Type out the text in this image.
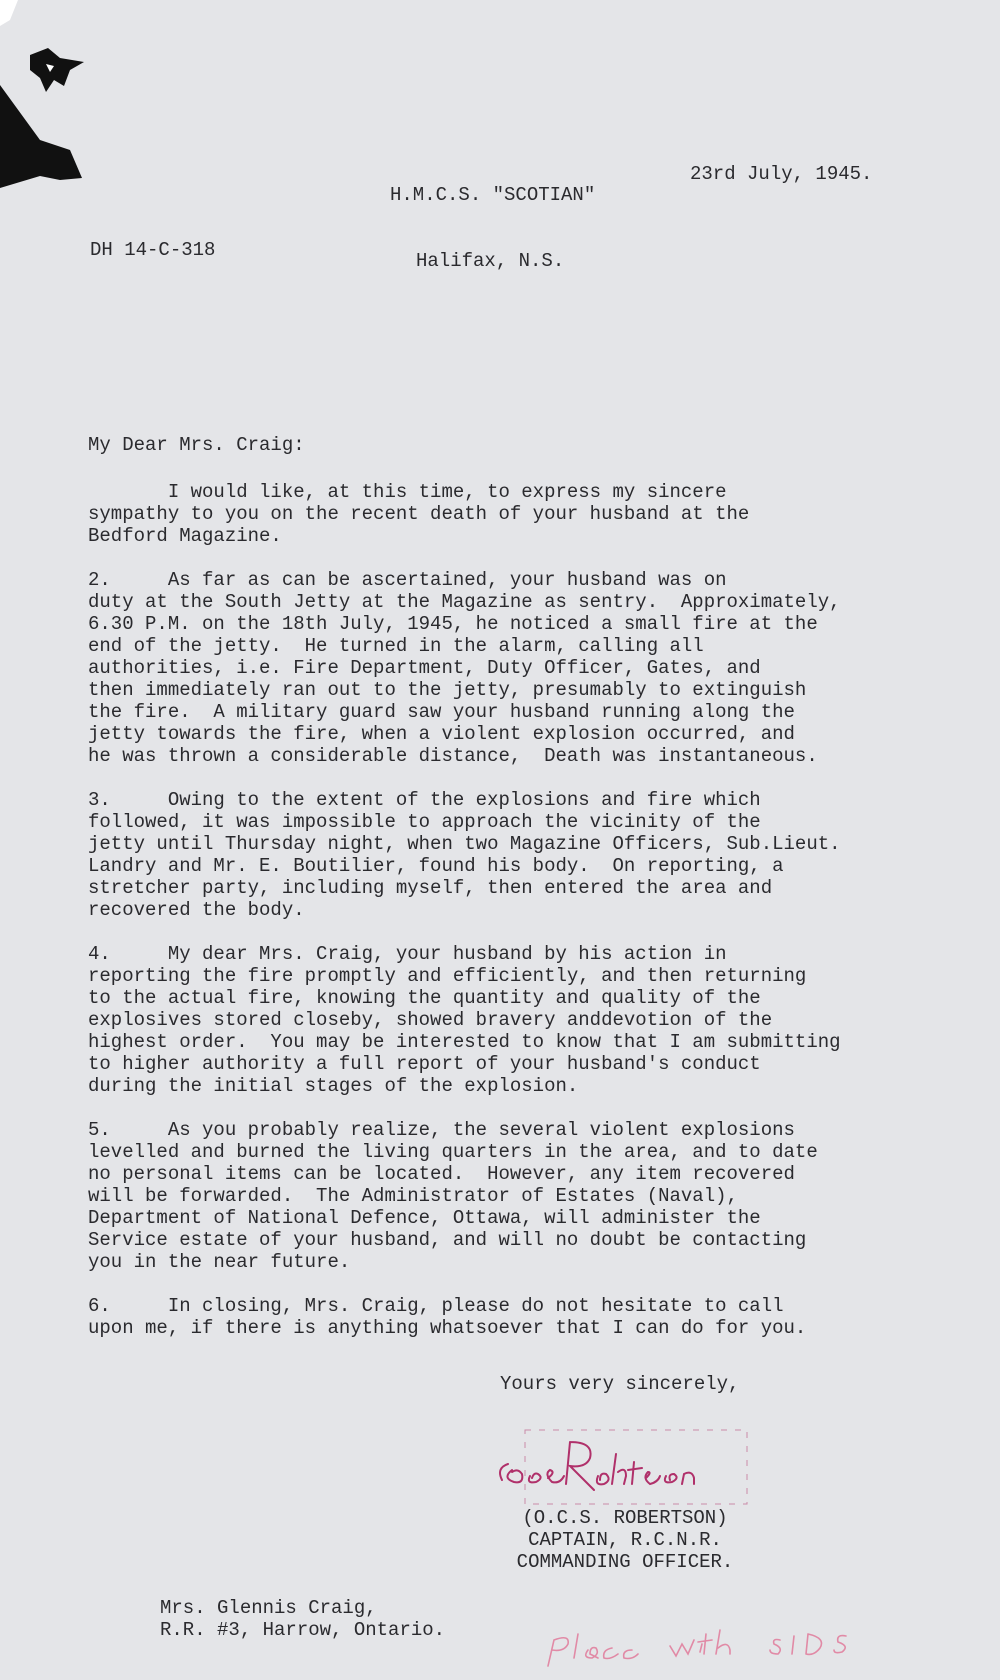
H.M.C.S. "SCOTIAN"

Halifax, N.S.

23rd July, 1945.
DH 14-C-318
My Dear Mrs. Craig:
I would like, at this time, to express my sincere
sympathy to you on the recent death of your husband at the
Bedford Magazine.
2.     As far as can be ascertained, your husband was on
duty at the South Jetty at the Magazine as sentry.  Approximately,
6.30 P.M. on the 18th July, 1945, he noticed a small fire at the
end of the jetty.  He turned in the alarm, calling all
authorities, i.e. Fire Department, Duty Officer, Gates, and
then immediately ran out to the jetty, presumably to extinguish
the fire.  A military guard saw your husband running along the
jetty towards the fire, when a violent explosion occurred, and
he was thrown a considerable distance,  Death was instantaneous.
3.     Owing to the extent of the explosions and fire which
followed, it was impossible to approach the vicinity of the
jetty until Thursday night, when two Magazine Officers, Sub.Lieut.
Landry and Mr. E. Boutilier, found his body.  On reporting, a
stretcher party, including myself, then entered the area and
recovered the body.
4.     My dear Mrs. Craig, your husband by his action in
reporting the fire promptly and efficiently, and then returning
to the actual fire, knowing the quantity and quality of the
explosives stored closeby, showed bravery anddevotion of the
highest order.  You may be interested to know that I am submitting
to higher authority a full report of your husband's conduct
during the initial stages of the explosion.
5.     As you probably realize, the several violent explosions
levelled and burned the living quarters in the area, and to date
no personal items can be located.  However, any item recovered
will be forwarded.  The Administrator of Estates (Naval),
Department of National Defence, Ottawa, will administer the
Service estate of your husband, and will no doubt be contacting
you in the near future.
6.     In closing, Mrs. Craig, please do not hesitate to call
upon me, if there is anything whatsoever that I can do for you.
Yours very sincerely,
(O.C.S. ROBERTSON)
CAPTAIN, R.C.N.R.
COMMANDING OFFICER.
Mrs. Glennis Craig,
R.R. #3, Harrow, Ontario.
